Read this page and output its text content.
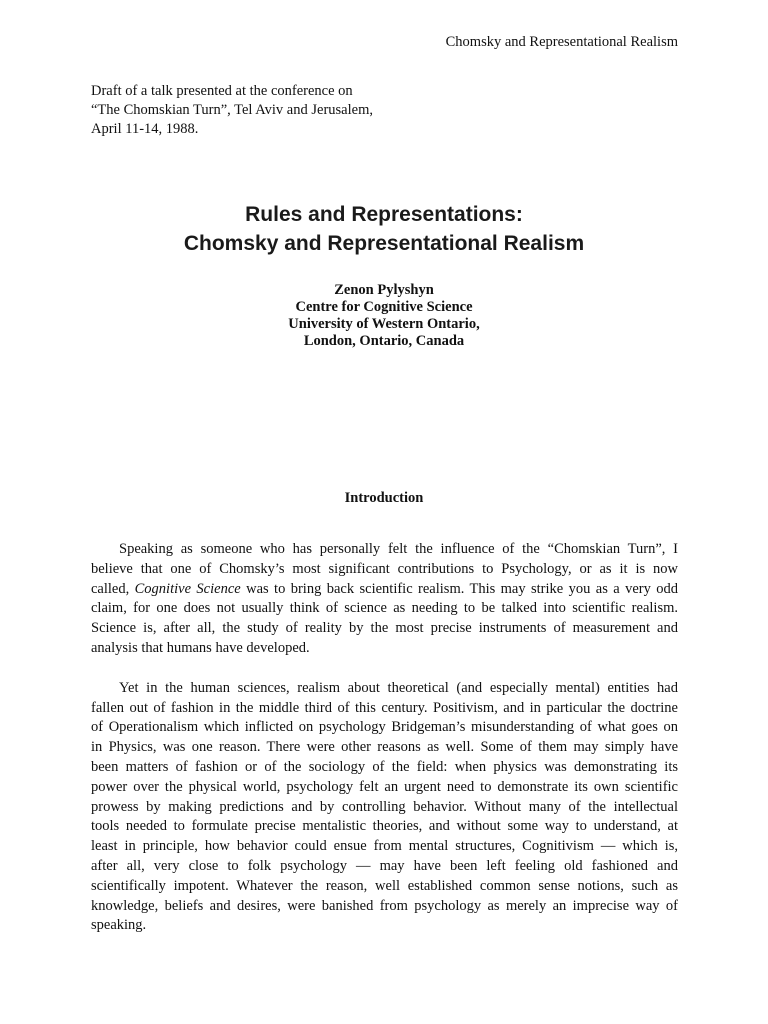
Chomsky and Representational Realism
Draft of a talk presented at the conference on
“The Chomskian Turn”, Tel Aviv and Jerusalem,
April 11-14, 1988.
Rules and Representations:
Chomsky and Representational Realism
Zenon Pylyshyn
Centre for Cognitive Science
University of Western Ontario,
London, Ontario, Canada
Introduction
Speaking as someone who has personally felt the influence of the “Chomskian Turn”, I
believe that one of Chomsky’s most significant contributions to Psychology, or as it is now
called, Cognitive Science was to bring back scientific realism. This may strike you as a very odd
claim, for one does not usually think of science as needing to be talked into scientific realism.
Science is, after all, the study of reality by the most precise instruments of measurement and
analysis that humans have developed.
Yet in the human sciences, realism about theoretical (and especially mental) entities had
fallen out of fashion in the middle third of this century. Positivism, and in particular the doctrine
of Operationalism which inflicted on psychology Bridgeman’s misunderstanding of what goes on
in Physics, was one reason. There were other reasons as well. Some of them may simply have
been matters of fashion or of the sociology of the field: when physics was demonstrating its
power over the physical world, psychology felt an urgent need to demonstrate its own scientific
prowess by making predictions and by controlling behavior. Without many of the intellectual
tools needed to formulate precise mentalistic theories, and without some way to understand, at
least in principle, how behavior could ensue from mental structures, Cognitivism — which is,
after all, very close to folk psychology — may have been left feeling old fashioned and
scientifically impotent. Whatever the reason, well established common sense notions, such as
knowledge, beliefs and desires, were banished from psychology as merely an imprecise way of
speaking.
